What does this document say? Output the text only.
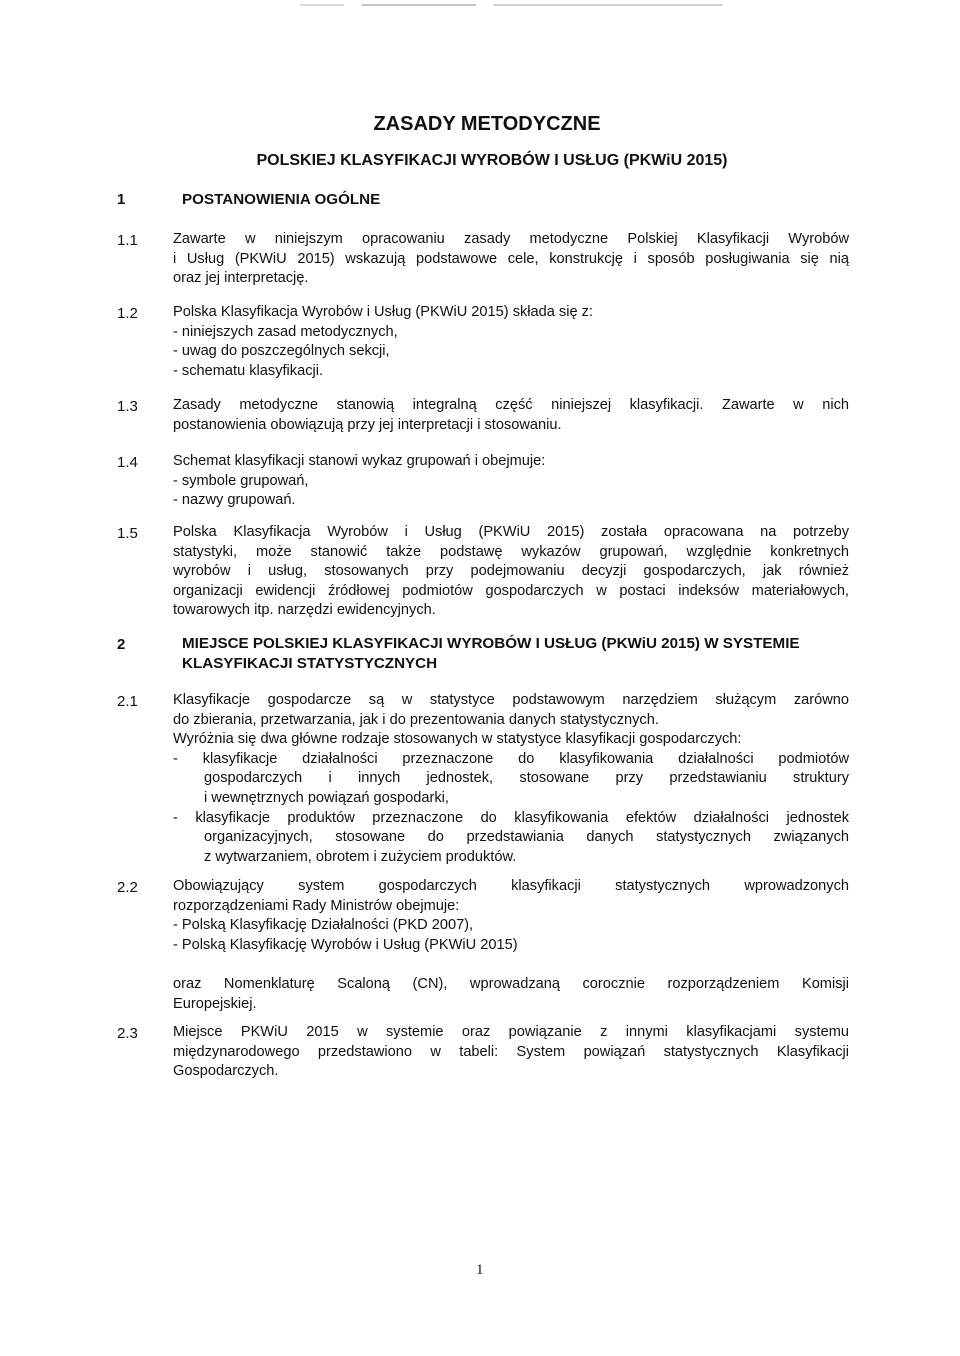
ZASADY METODYCZNE
POLSKIEJ KLASYFIKACJI WYROBÓW I USŁUG (PKWiU 2015)
1	POSTANOWIENIA OGÓLNE
1.1 Zawarte w niniejszym opracowaniu zasady metodyczne Polskiej Klasyfikacji Wyrobów
i Usług (PKWiU 2015) wskazują podstawowe cele, konstrukcję i sposób posługiwania się nią
oraz jej interpretację.
1.2 Polska Klasyfikacja Wyrobów i Usług (PKWiU 2015) składa się z:
- niniejszych zasad metodycznych,
- uwag do poszczególnych sekcji,
- schematu klasyfikacji.
1.3 Zasady metodyczne stanowią integralną część niniejszej klasyfikacji. Zawarte w nich
postanowienia obowiązują przy jej interpretacji i stosowaniu.
1.4 Schemat klasyfikacji stanowi wykaz grupowań i obejmuje:
- symbole grupowań,
- nazwy grupowań.
1.5 Polska Klasyfikacja Wyrobów i Usług (PKWiU 2015) została opracowana na potrzeby
statystyki, może stanowić także podstawę wykazów grupowań, względnie konkretnych
wyrobów i usług, stosowanych przy podejmowaniu decyzji gospodarczych, jak również
organizacji ewidencji źródłowej podmiotów gospodarczych w postaci indeksów materiałowych,
towarowych itp. narzędzi ewidencyjnych.
2	MIEJSCE POLSKIEJ KLASYFIKACJI WYROBÓW I USŁUG (PKWiU 2015) W SYSTEMIE
KLASYFIKACJI STATYSTYCZNYCH
2.1 Klasyfikacje gospodarcze są w statystyce podstawowym narzędziem służącym zarówno
do zbierania, przetwarzania, jak i do prezentowania danych statystycznych.
Wyróżnia się dwa główne rodzaje stosowanych w statystyce klasyfikacji gospodarczych:
- klasyfikacje działalności przeznaczone do klasyfikowania działalności podmiotów
gospodarczych i innych jednostek, stosowane przy przedstawianiu struktury
i wewnętrznych powiązań gospodarki,
- klasyfikacje produktów przeznaczone do klasyfikowania efektów działalności jednostek
organizacyjnych, stosowane do przedstawiania danych statystycznych związanych
z wytwarzaniem, obrotem i zużyciem produktów.
2.2 Obowiązujący system gospodarczych klasyfikacji statystycznych wprowadzonych
rozporządzeniami Rady Ministrów obejmuje:
- Polską Klasyfikację Działalności (PKD 2007),
- Polską Klasyfikację Wyrobów i Usług (PKWiU 2015)
oraz Nomenklaturę Scaloną (CN), wprowadzaną corocznie rozporządzeniem Komisji
Europejskiej.
2.3 Miejsce PKWiU 2015 w systemie oraz powiązanie z innymi klasyfikacjami systemu
międzynarodowego przedstawiono w tabeli: System powiązań statystycznych Klasyfikacji
Gospodarczych.
1
